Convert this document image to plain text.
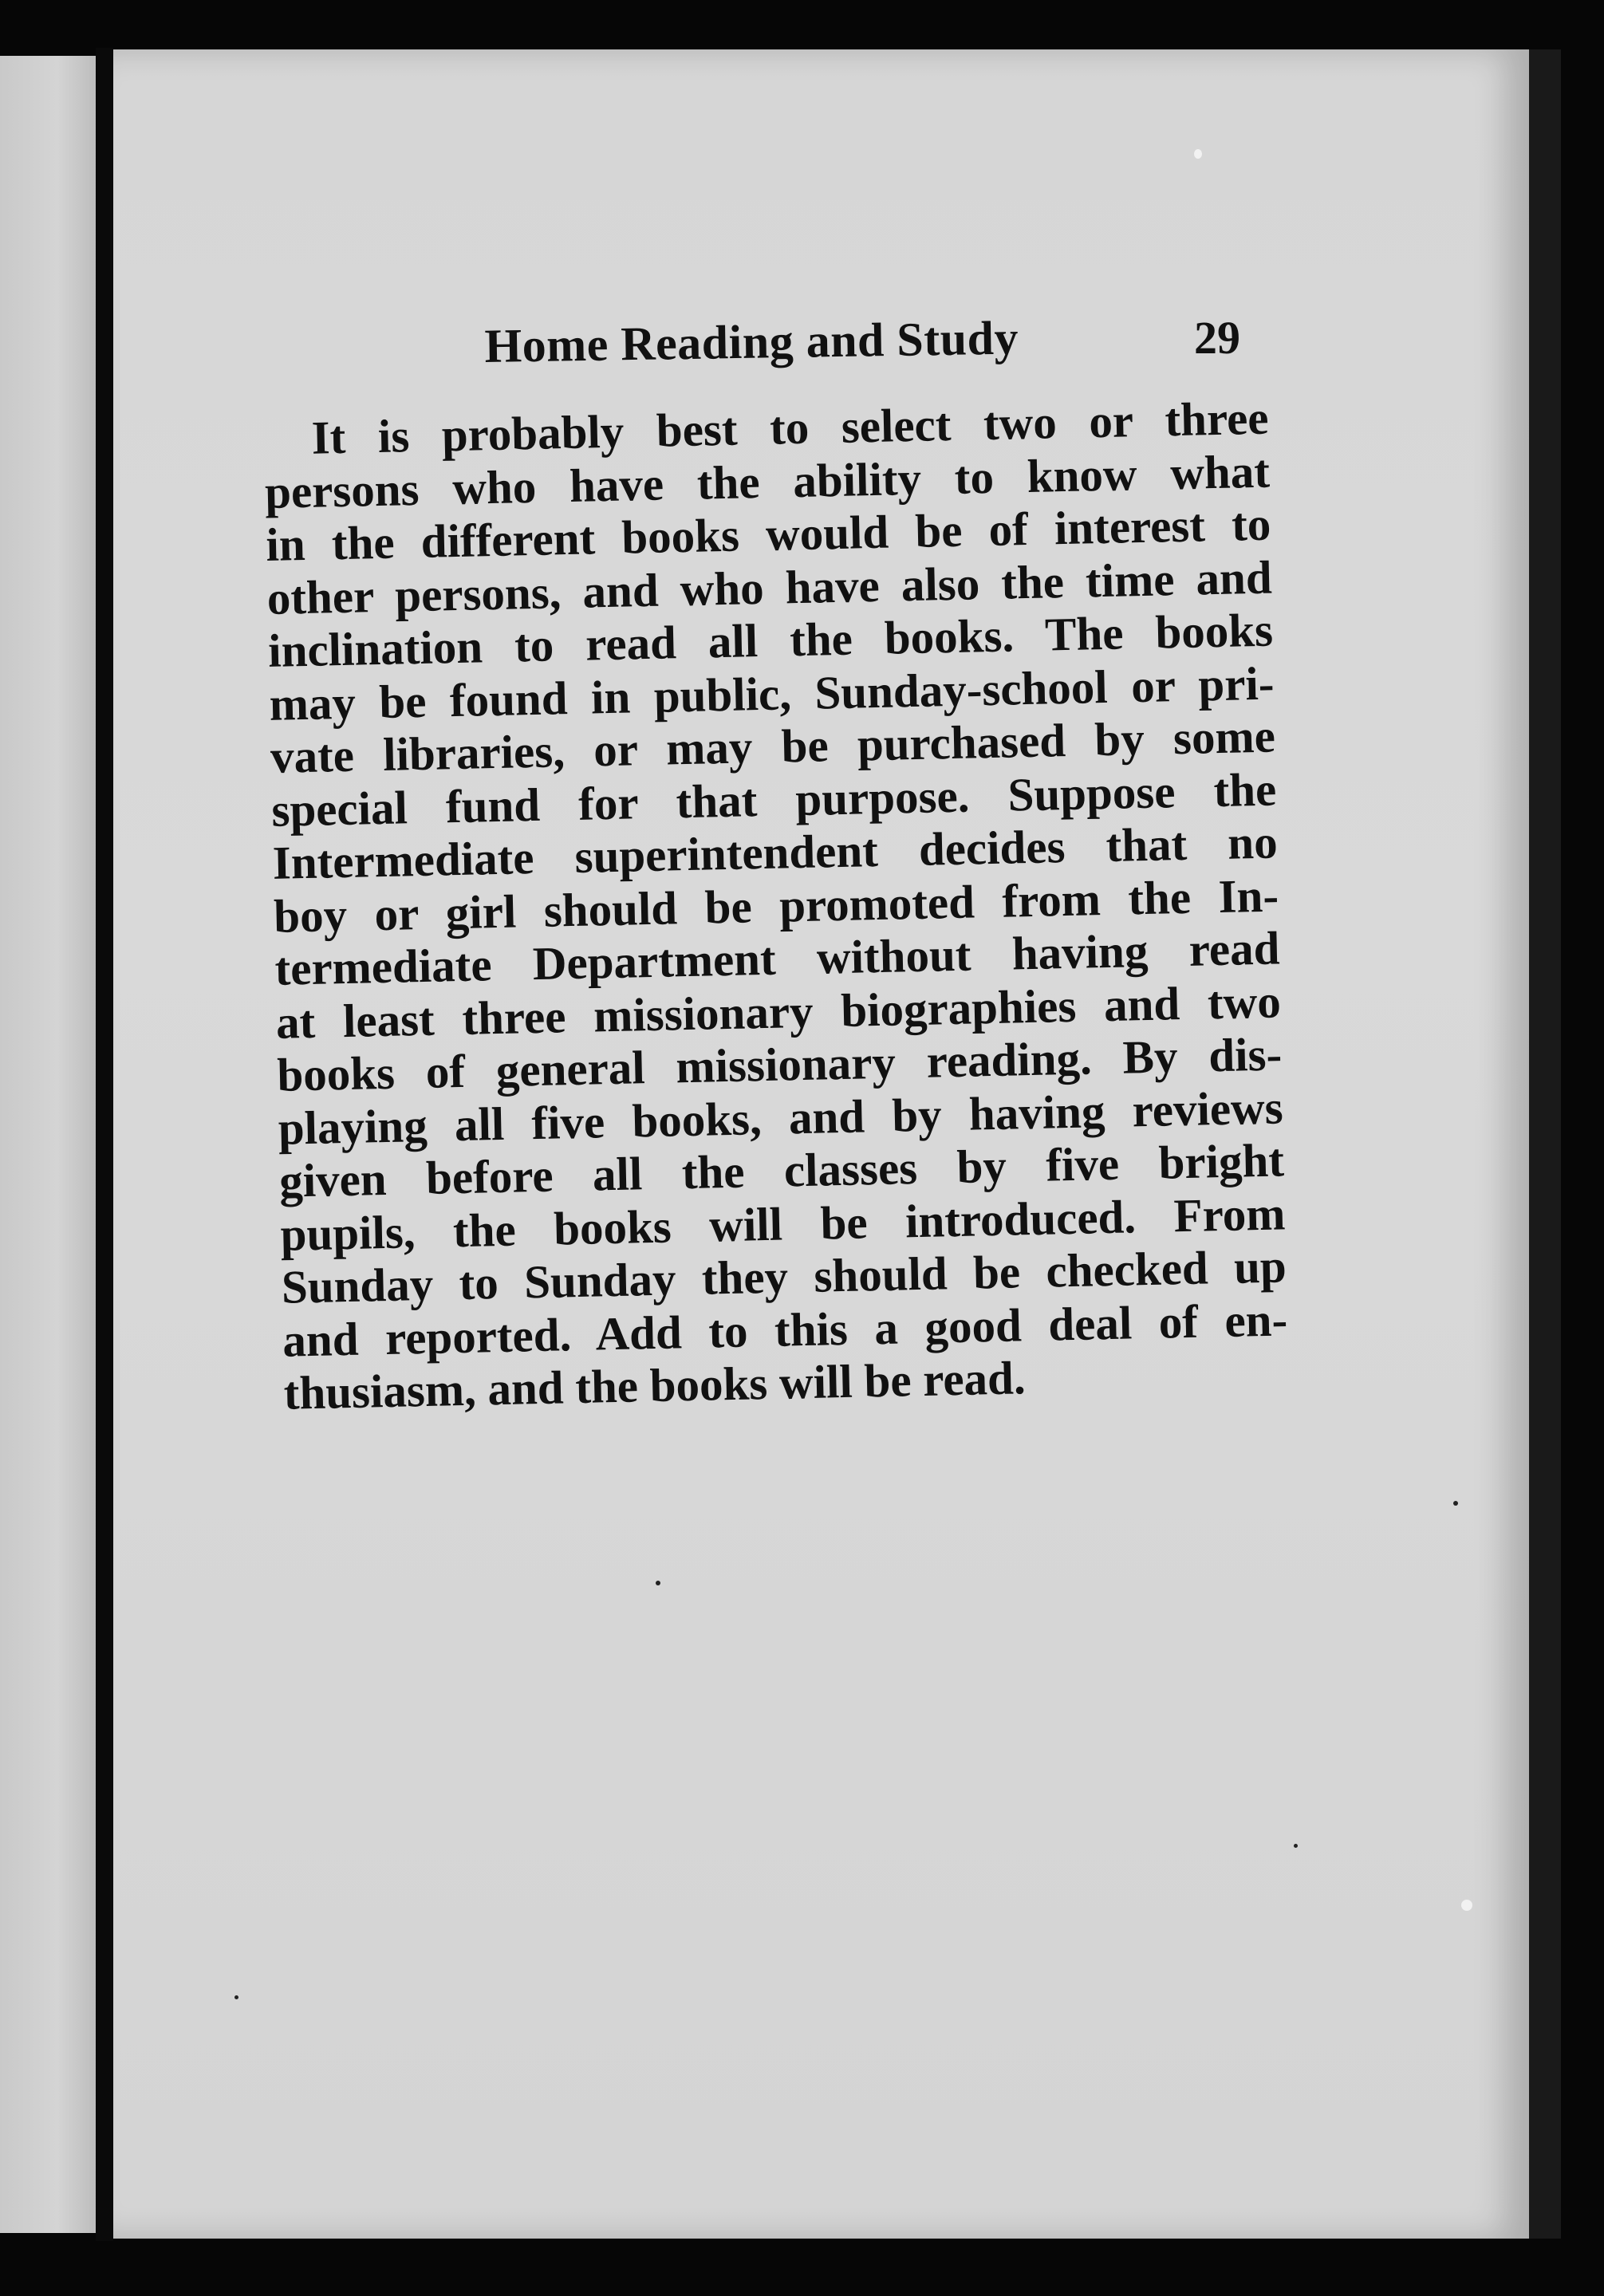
Home Reading and Study	29
It is probably best to select two or three
persons who have the ability to know what
in the different books would be of interest to
other persons, and who have also the time and
inclination to read all the books. The books
may be found in public, Sunday-school or pri-
vate libraries, or may be purchased by some
special fund for that purpose. Suppose the
Intermediate superintendent decides that no
boy or girl should be promoted from the In-
termediate Department without having read
at least three missionary biographies and two
books of general missionary reading. By dis-
playing all five books, and by having reviews
given before all the classes by five bright
pupils, the books will be introduced. From
Sunday to Sunday they should be checked up
and reported. Add to this a good deal of en-
thusiasm, and the books will be read.
